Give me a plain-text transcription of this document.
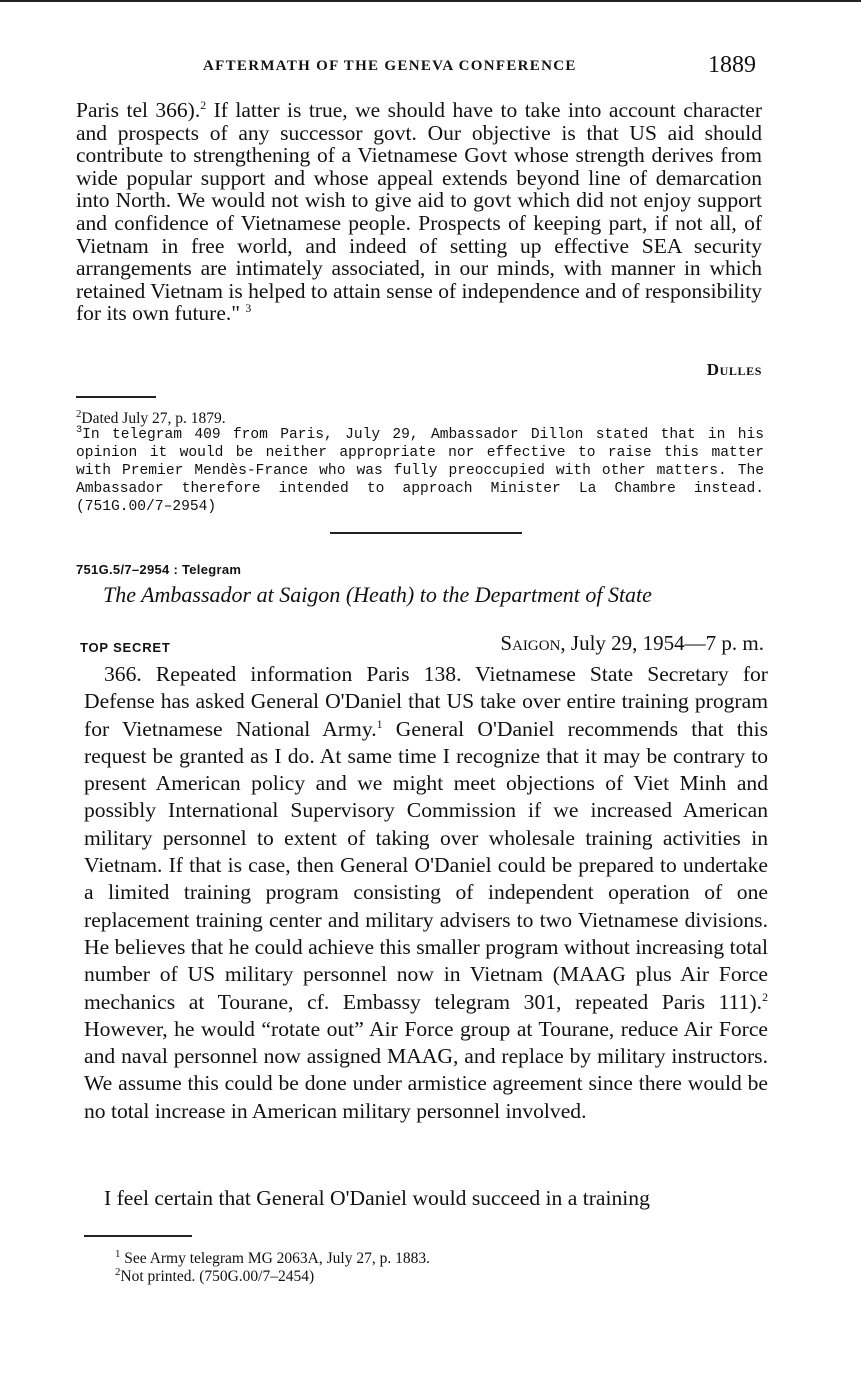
AFTERMATH OF THE GENEVA CONFERENCE	1889

Paris tel 366).$^2$ If latter is true, we should have to take into account character and prospects of any successor govt. Our objective is that US aid should contribute to strengthening of a Vietnamese Govt whose strength derives from wide popular support and whose appeal extends beyond line of demarcation into North. We would not wish to give aid to govt which did not enjoy support and confidence of Vietnamese people. Prospects of keeping part, if not all, of Vietnam in free world, and indeed of setting up effective SEA security arrangements are intimately associated, in our minds, with manner in which retained Vietnam is helped to attain sense of independence and of responsibility for its own future." $^3$

Dulles
$^2$Dated July 27, p. 1879.
$^3$In telegram 409 from Paris, July 29, Ambassador Dillon stated that in his opinion it would be neither appropriate nor effective to raise this matter with Premier Mendès-France who was fully preoccupied with other matters. The Ambassador therefore intended to approach Minister La Chambre instead. (751G.00/7–2954)
751G.5/7–2954 : Telegram
The Ambassador at Saigon (Heath) to the Department of State
TOP SECRET	Saigon, July 29, 1954—7 p. m.

366. Repeated information Paris 138. Vietnamese State Secretary for Defense has asked General O'Daniel that US take over entire training program for Vietnamese National Army.$^1$ General O'Daniel recommends that this request be granted as I do. At same time I recognize that it may be contrary to present American policy and we might meet objections of Viet Minh and possibly International Supervisory Commission if we increased American military personnel to extent of taking over wholesale training activities in Vietnam. If that is case, then General O'Daniel could be prepared to undertake a limited training program consisting of independent operation of one replacement training center and military advisers to two Vietnamese divisions. He believes that he could achieve this smaller program without increasing total number of US military personnel now in Vietnam (MAAG plus Air Force mechanics at Tourane, cf. Embassy telegram 301, repeated Paris 111).$^2$ However, he would “rotate out” Air Force group at Tourane, reduce Air Force and naval personnel now assigned MAAG, and replace by military instructors. We assume this could be done under armistice agreement since there would be no total increase in American military personnel involved.

I feel certain that General O'Daniel would succeed in a training

$^1$ See Army telegram MG 2063A, July 27, p. 1883.
$^2$Not printed. (750G.00/7–2454)
